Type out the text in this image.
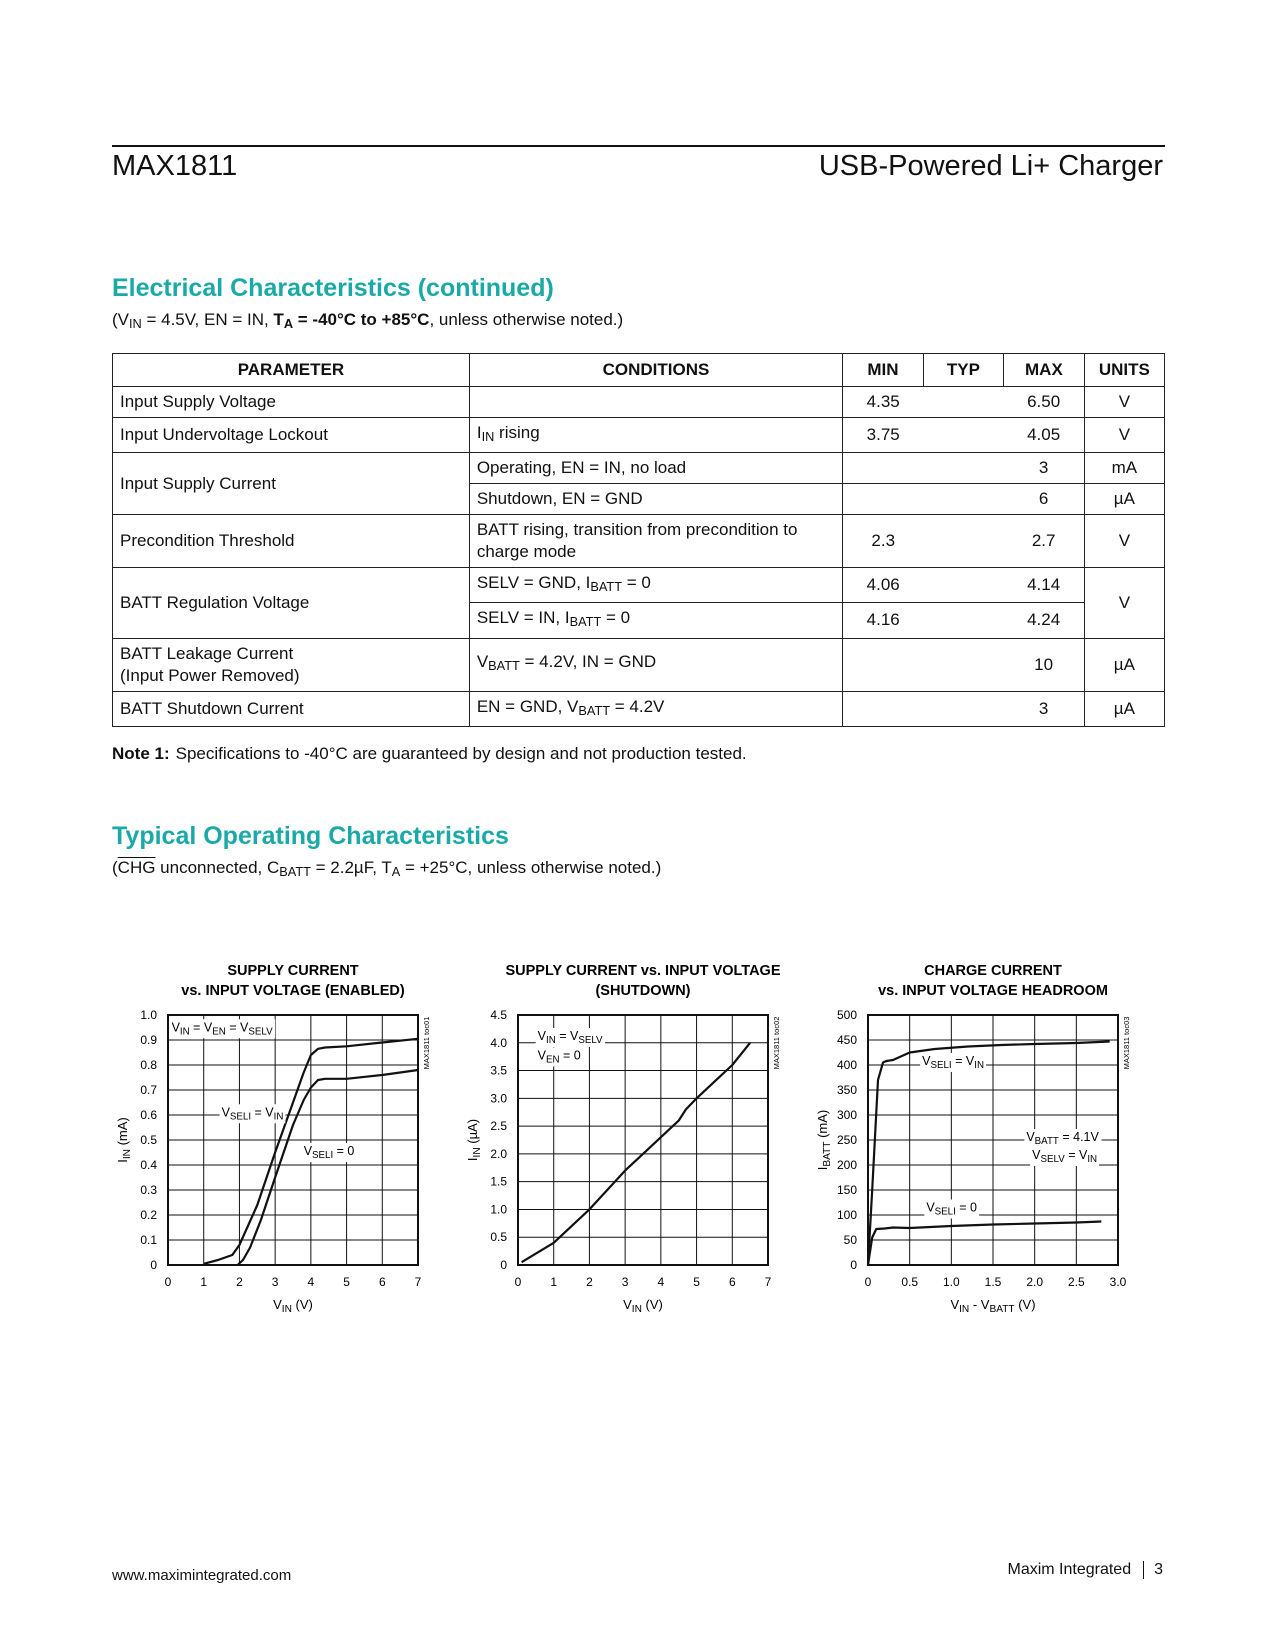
MAX1811	USB-Powered Li+ Charger
Electrical Characteristics (continued)
($V_{IN} = 4.5V$, EN = IN, $T_A = -40^\circ C$ to +85°C, unless otherwise noted.)
PARAMETER	CONDITIONS	MIN	TYP	MAX	UNITS
Input Supply Voltage		4.35		6.50	V
Input Undervoltage Lockout	$I_{IN}$ rising	3.75		4.05	V
Input Supply Current	Operating, EN = IN, no load			3	mA
	Shutdown, EN = GND			6	µA
Precondition Threshold	BATT rising, transition from precondition to charge mode	2.3		2.7	V
BATT Regulation Voltage	SELV = GND, $I_{BATT} = 0$	4.06		4.14	V
	SELV = IN, $I_{BATT} = 0$	4.16		4.24	
BATT Leakage Current
(Input Power Removed)	$V_{BATT} = 4.2V$, IN = GND			10	µA
BATT Shutdown Current	EN = GND, $V_{BATT} = 4.2V$			3	µA
Note 1: Specifications to -40°C are guaranteed by design and not production tested.
Typical Operating Characteristics
($\overline{CHG}$ unconnected, $C_{BATT} = 2.2\mu F$, $T_A = +25^\circ C$, unless otherwise noted.)
SUPPLY CURRENT
vs. INPUT VOLTAGE (ENABLED)
0 1 2 3 4 5 6 7
0
0.1
0.2
0.3
0.4
0.5
0.6
0.7
0.8
0.9
1.0
$V_{IN}$ (V)
$I_{IN}$ (mA)
MAX1811 toc01
$V_{IN} = V_{EN} = V_{SELV}$
$V_{SELI} = V_{IN}$
$V_{SELI} = 0$
SUPPLY CURRENT vs. INPUT VOLTAGE
(SHUTDOWN)
0 1 2 3 4 5 6 7
0
0.5
1.0
1.5
2.0
2.5
3.0
3.5
4.0
4.5
$V_{IN}$ (V)
$I_{IN}$ (µA)
MAX1811 toc02
$V_{IN} = V_{SELV}$
$V_{EN} = 0$
CHARGE CURRENT
vs. INPUT VOLTAGE HEADROOM
0 0.5 1.0 1.5 2.0 2.5 3.0
0
50
100
150
200
250
300
350
400
450
500
$V_{IN} - V_{BATT}$ (V)
$I_{BATT}$ (mA)
MAX1811 toc03
$V_{SELI} = V_{IN}$
$V_{BATT} = 4.1V$
$V_{SELV} = V_{IN}$
$V_{SELI} = 0$
www.maximintegrated.com	Maxim Integrated 3
